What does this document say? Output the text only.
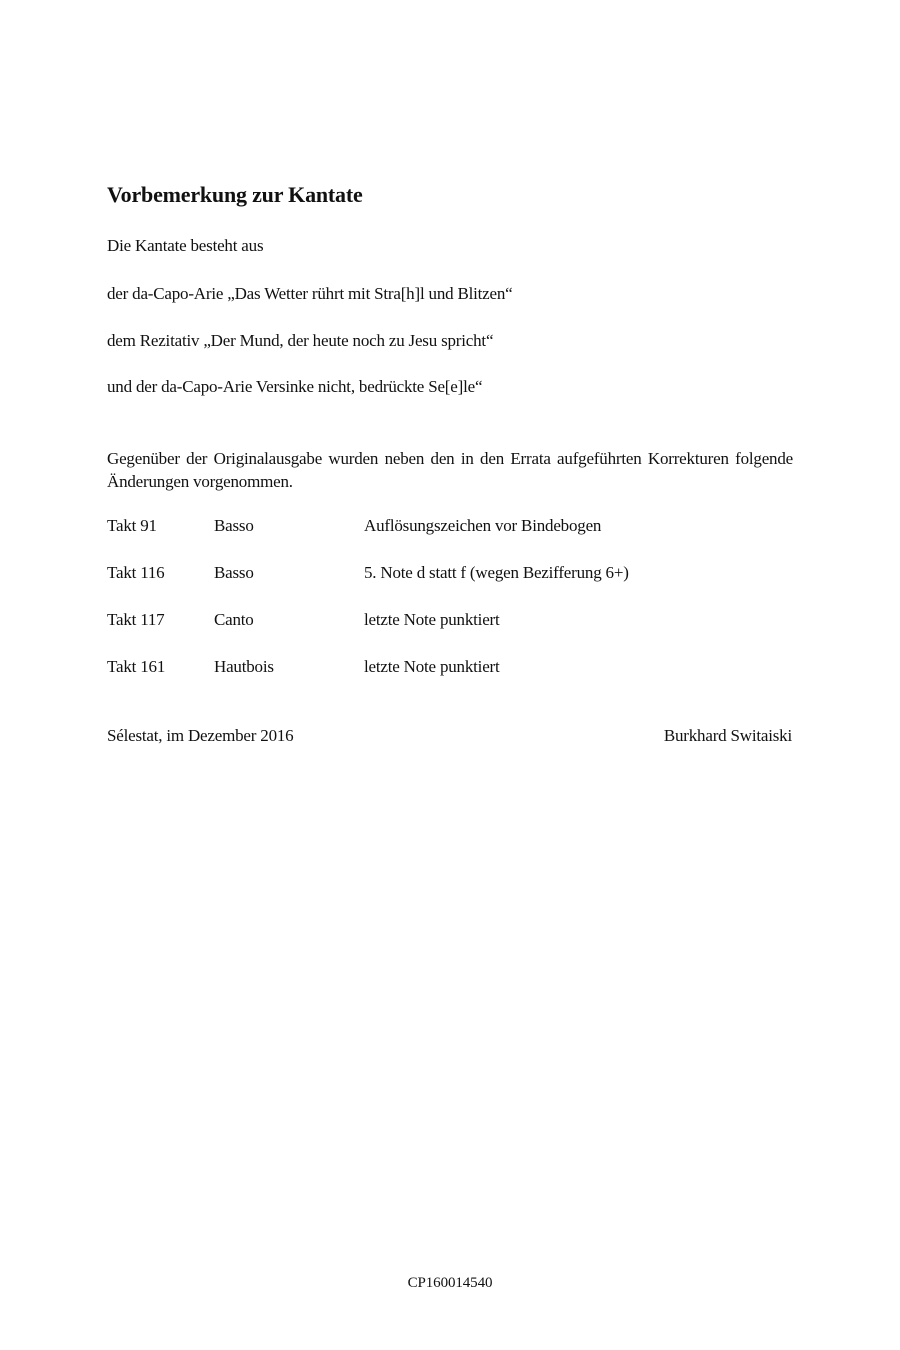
Vorbemerkung zur Kantate
Die Kantate besteht aus
der da-Capo-Arie „Das Wetter rührt mit Stra[h]l und Blitzen“
dem Rezitativ „Der Mund, der heute noch zu Jesu spricht“
und der da-Capo-Arie Versinke nicht, bedrückte Se[e]le“
Gegenüber der Originalausgabe wurden neben den in den Errata aufgeführten Korrekturen folgende Änderungen vorgenommen.
Takt 91	Basso	Auflösungszeichen vor Bindebogen
Takt 116	Basso	5. Note d statt f (wegen Bezifferung 6+)
Takt 117	Canto	letzte Note punktiert
Takt 161	Hautbois	letzte Note punktiert
Sélestat, im Dezember 2016	Burkhard Switaiski
CP160014540
